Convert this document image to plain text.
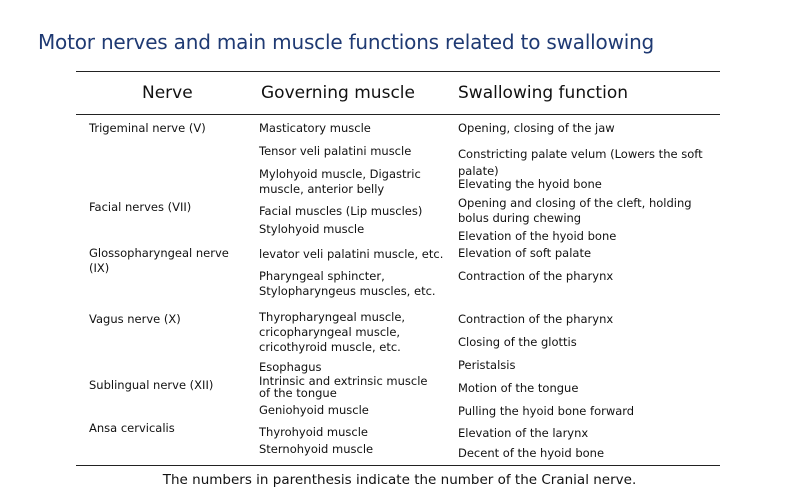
Motor nerves and main muscle functions related to swallowing
Nerve	Governing muscle	Swallowing function
Trigeminal nerve (V)
Facial nerves (VII)
Glossopharyngeal nerve
(IX)
Vagus nerve (X)
Sublingual nerve (XII)
Ansa cervicalis
Masticatory muscle
Tensor veli palatini muscle
Mylohyoid muscle, Digastric
muscle, anterior belly
Facial muscles (Lip muscles)
Stylohyoid muscle
levator veli palatini muscle, etc.
Pharyngeal sphincter,
Stylopharyngeus muscles, etc.
Thyropharyngeal muscle,
cricopharyngeal muscle,
cricothyroid muscle, etc.
Esophagus
Intrinsic and extrinsic muscle
of the tongue
Geniohyoid muscle
Thyrohyoid muscle
Sternohyoid muscle
Opening, closing of the jaw
Constricting palate velum (Lowers the soft
palate)
Elevating the hyoid bone
Opening and closing of the cleft, holding
bolus during chewing
Elevation of the hyoid bone
Elevation of soft palate
Contraction of the pharynx
Contraction of the pharynx
Closing of the glottis
Peristalsis
Motion of the tongue
Pulling the hyoid bone forward
Elevation of the larynx
Decent of the hyoid bone
The numbers in parenthesis indicate the number of the Cranial nerve.
